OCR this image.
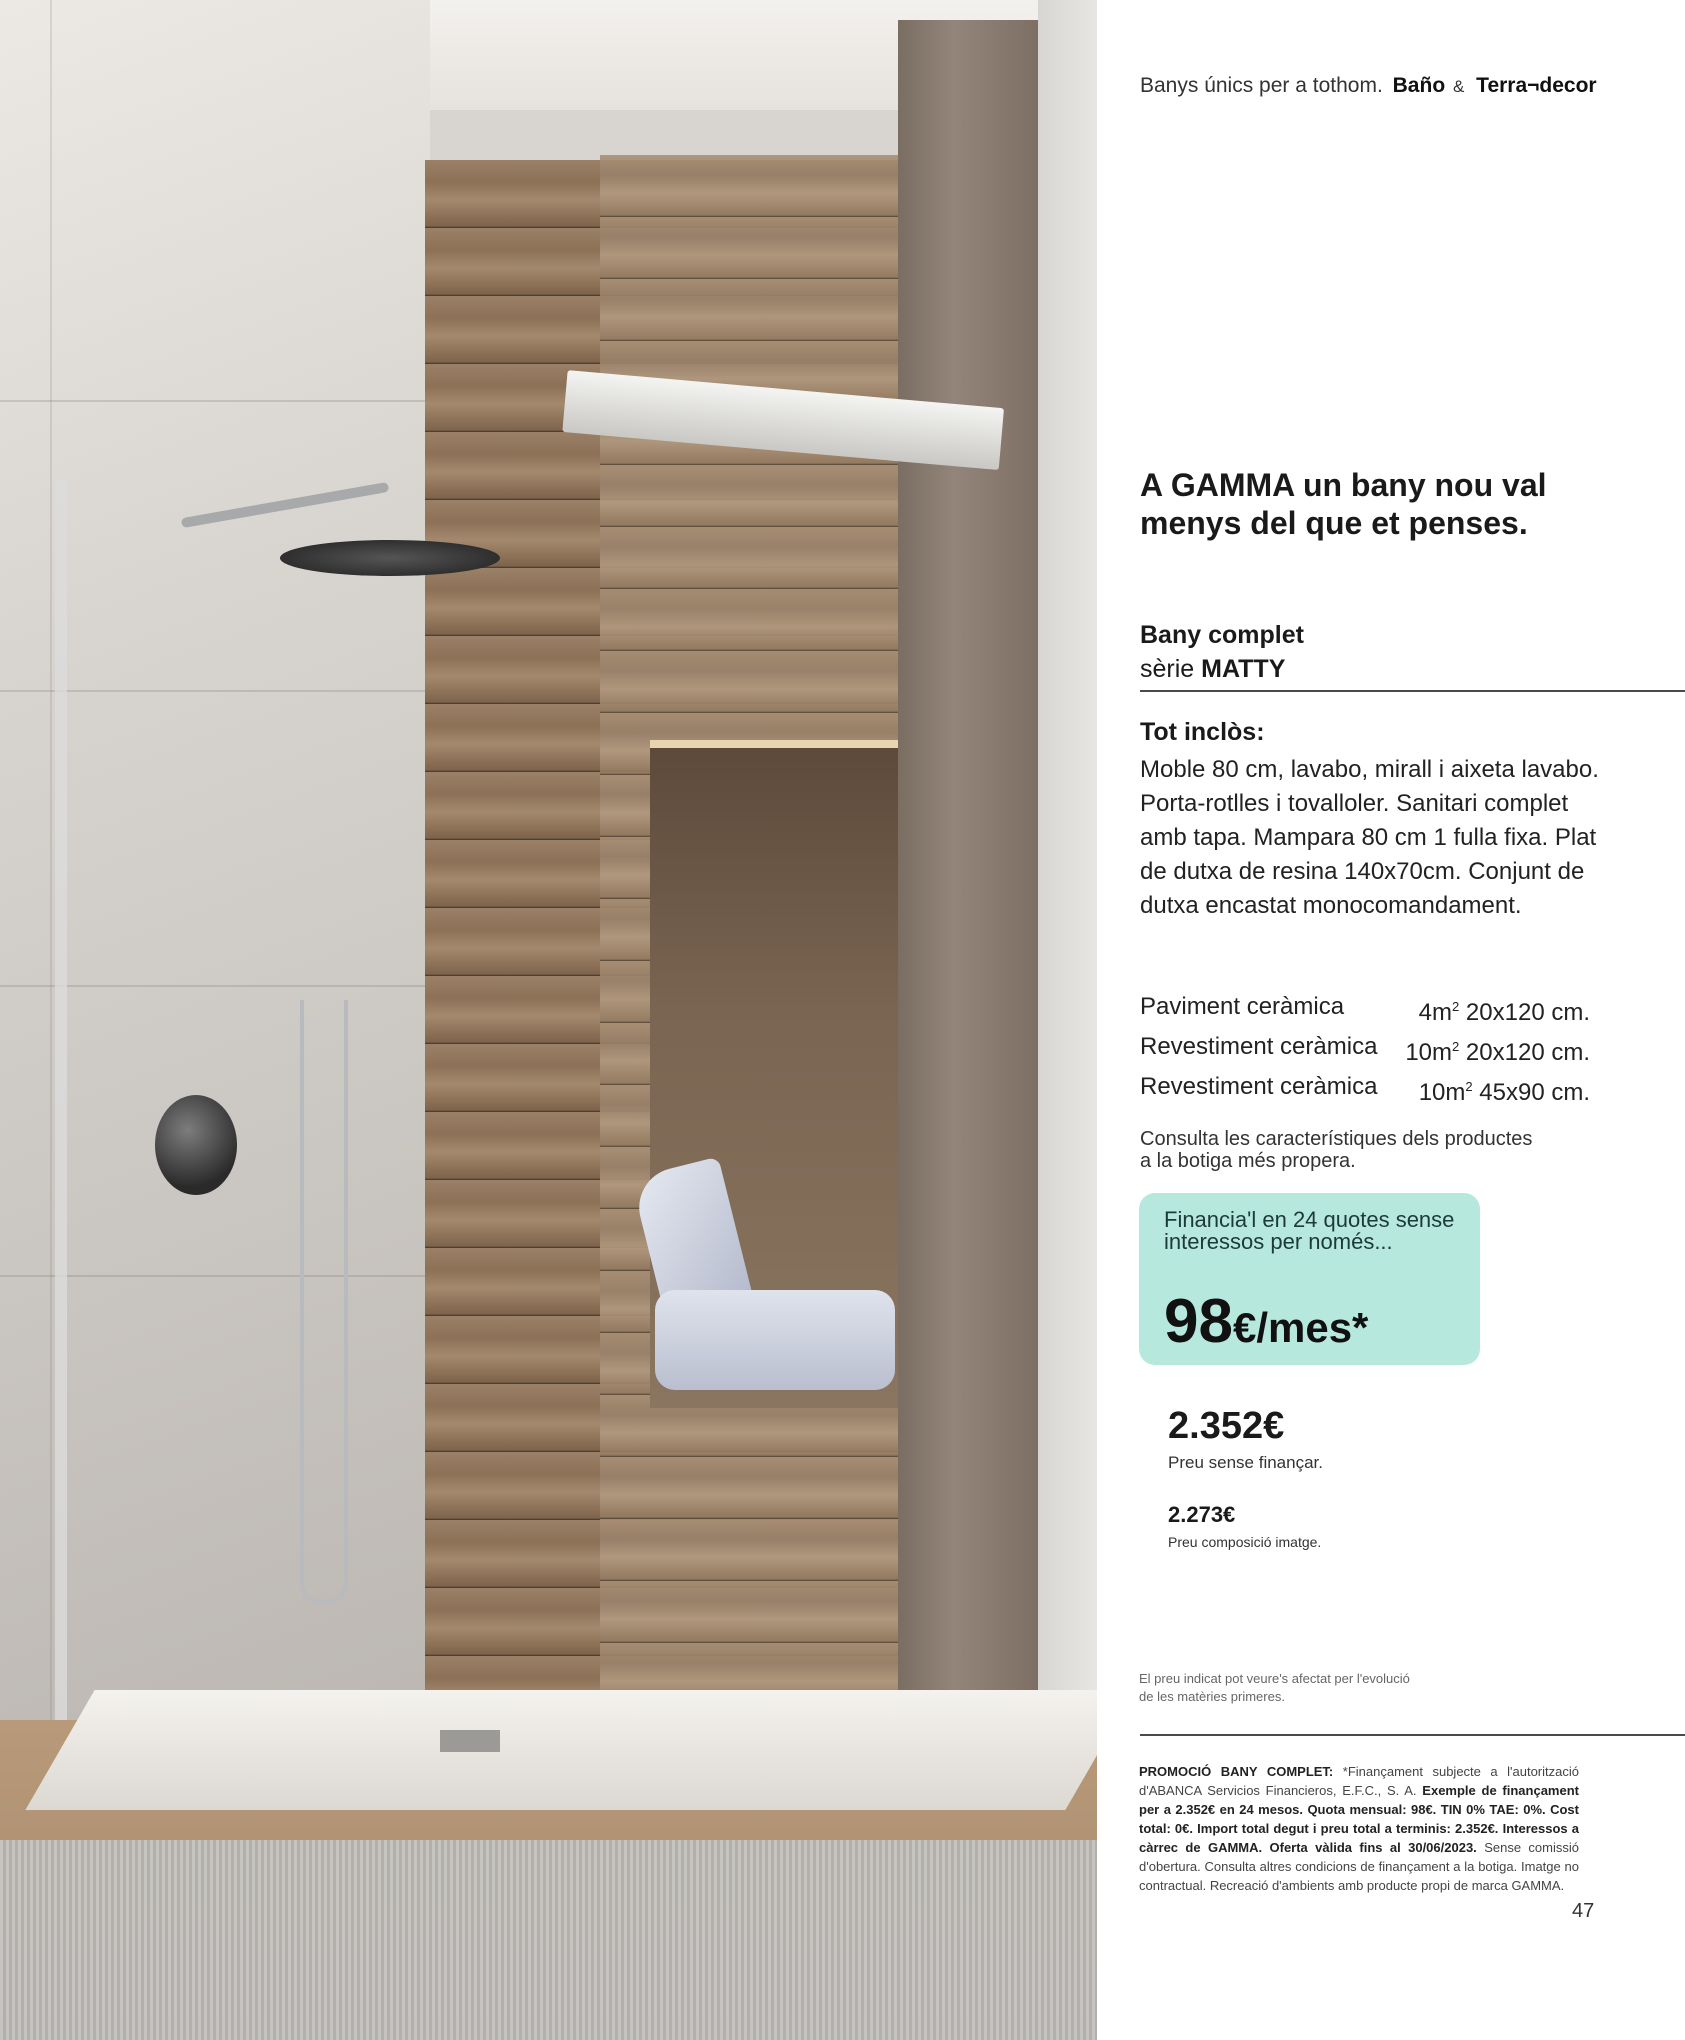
Banys únics per a tothom. Baño & Terra¬decor
A GAMMA un bany nou val menys del que et penses.
Bany complet
sèrie MATTY
Tot inclòs:
Moble 80 cm, lavabo, mirall i aixeta lavabo. Porta-rotlles i tovalloler. Sanitari complet amb tapa. Mampara 80 cm 1 fulla fixa. Plat de dutxa de resina 140x70cm. Conjunt de dutxa encastat monocomandament.
Paviment ceràmica	$4m^2$ 20x120 cm.
Revestiment ceràmica $10m^2$ 20x120 cm.
Revestiment ceràmica $10m^2$ 45x90 cm.
Consulta les característiques dels productes a la botiga més propera.
Financia'l en 24 quotes sense interessos per només...
98€/mes*
2.352€
Preu sense finançar.
2.273€
Preu composició imatge.
El preu indicat pot veure's afectat per l'evolució de les matèries primeres.
PROMOCIÓ BANY COMPLET: *Finançament subjecte a l'autorització d'ABANCA Servicios Financieros, E.F.C., S. A. Exemple de finançament per a 2.352€ en 24 mesos. Quota mensual: 98€. TIN 0% TAE: 0%. Cost total: 0€. Import total degut i preu total a terminis: 2.352€. Interessos a càrrec de GAMMA. Oferta vàlida fins al 30/06/2023. Sense comissió d'obertura. Consulta altres condicions de finançament a la botiga. Imatge no contractual. Recreació d'ambients amb producte propi de marca GAMMA.
47
